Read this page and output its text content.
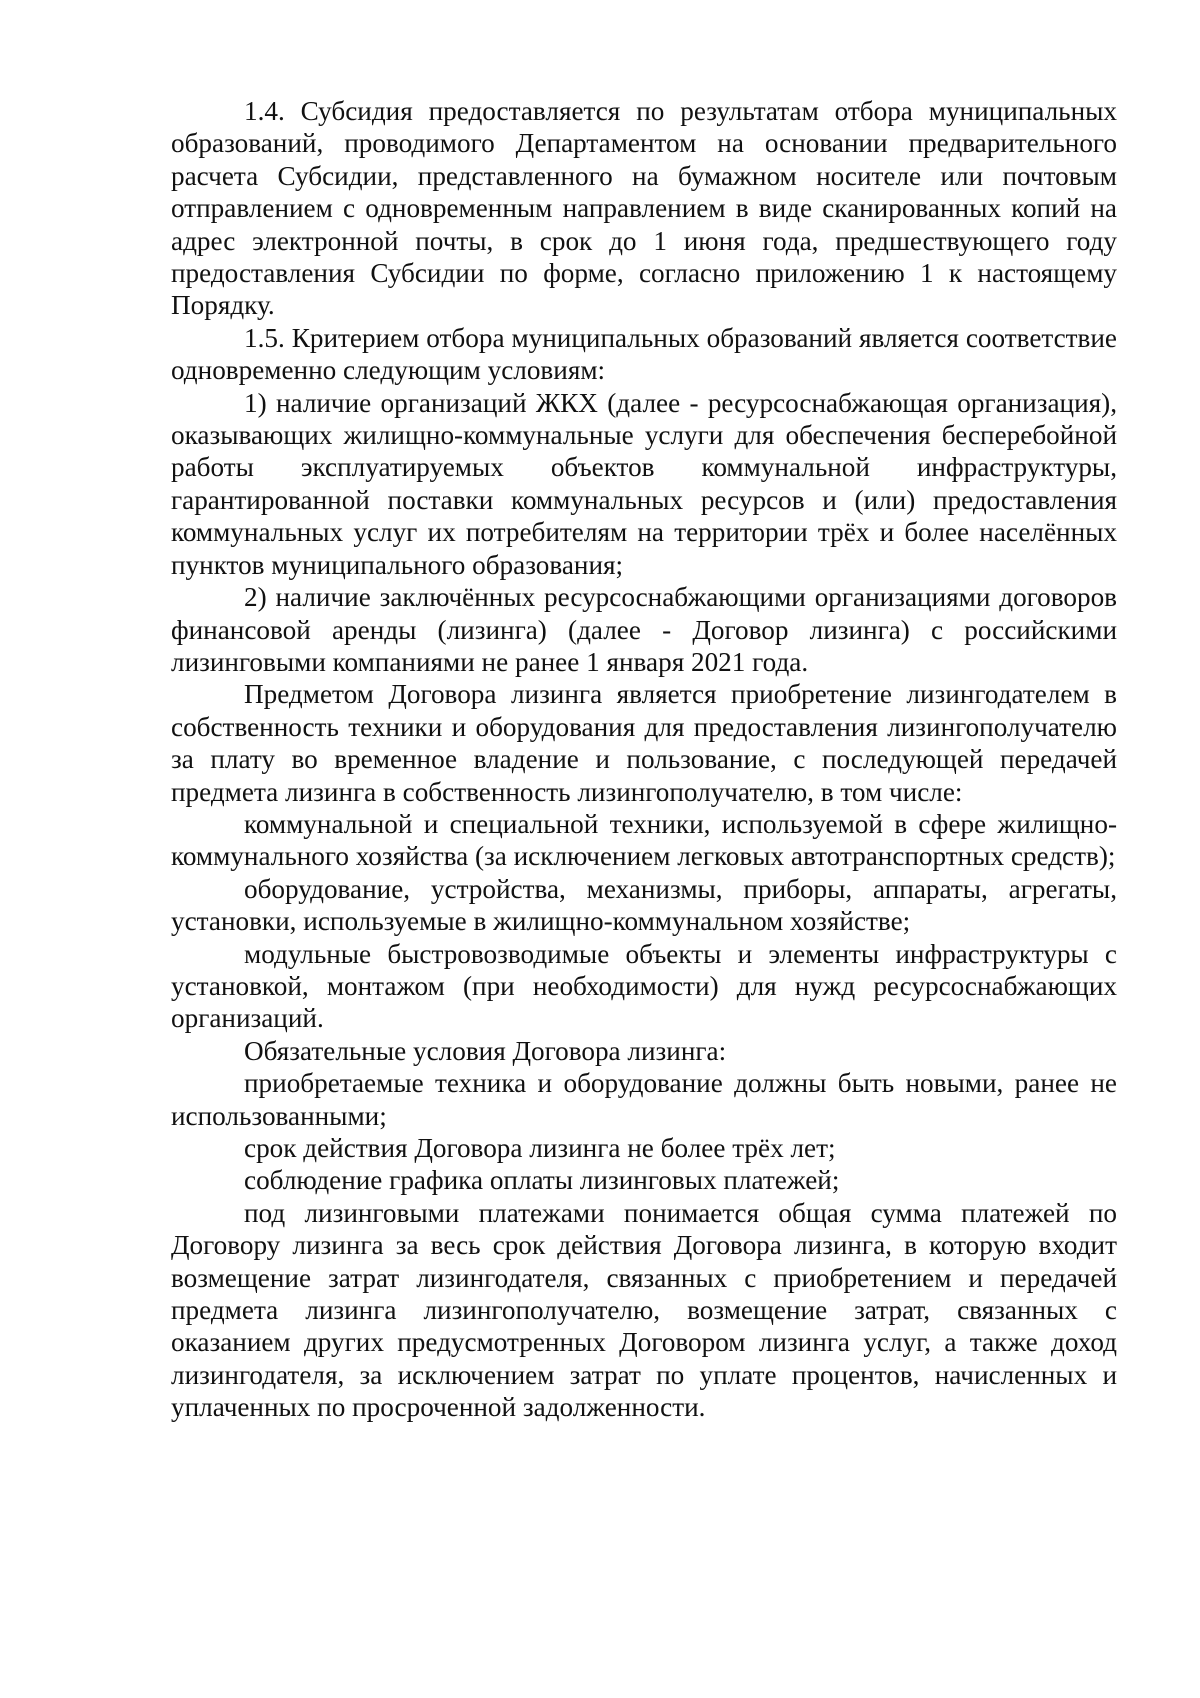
1.4. Субсидия предоставляется по результатам отбора муниципальных образований, проводимого Департаментом на основании предварительного расчета Субсидии, представленного на бумажном носителе или почтовым отправлением с одновременным направлением в виде сканированных копий на адрес электронной почты, в срок до 1 июня года, предшествующего году предоставления Субсидии по форме, согласно приложению 1 к настоящему Порядку.

1.5. Критерием отбора муниципальных образований является соответствие одновременно следующим условиям:

1) наличие организаций ЖКХ (далее - ресурсоснабжающая организация), оказывающих жилищно-коммунальные услуги для обеспечения бесперебойной работы эксплуатируемых объектов коммунальной инфраструктуры, гарантированной поставки коммунальных ресурсов и (или) предоставления коммунальных услуг их потребителям на территории трёх и более населённых пунктов муниципального образования;

2) наличие заключённых ресурсоснабжающими организациями договоров финансовой аренды (лизинга) (далее - Договор лизинга) с российскими лизинговыми компаниями не ранее 1 января 2021 года.

Предметом Договора лизинга является приобретение лизингодателем в собственность техники и оборудования для предоставления лизингополучателю за плату во временное владение и пользование, с последующей передачей предмета лизинга в собственность лизингополучателю, в том числе:

коммунальной и специальной техники, используемой в сфере жилищно-коммунального хозяйства (за исключением легковых автотранспортных средств);

оборудование, устройства, механизмы, приборы, аппараты, агрегаты, установки, используемые в жилищно-коммунальном хозяйстве;

модульные быстровозводимые объекты и элементы инфраструктуры с установкой, монтажом (при необходимости) для нужд ресурсоснабжающих организаций.

Обязательные условия Договора лизинга:

приобретаемые техника и оборудование должны быть новыми, ранее не использованными;

срок действия Договора лизинга не более трёх лет;

соблюдение графика оплаты лизинговых платежей;

под лизинговыми платежами понимается общая сумма платежей по Договору лизинга за весь срок действия Договора лизинга, в которую входит возмещение затрат лизингодателя, связанных с приобретением и передачей предмета лизинга лизингополучателю, возмещение затрат, связанных с оказанием других предусмотренных Договором лизинга услуг, а также доход лизингодателя, за исключением затрат по уплате процентов, начисленных и уплаченных по просроченной задолженности.
